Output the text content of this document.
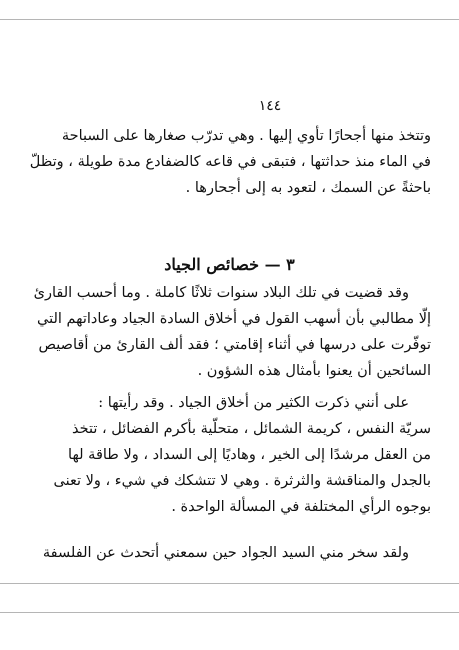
١٤٤
وتتخذ منها أجحارًا تأوي إليها . وهي تدرّب صغارها على السباحة
في الماء منذ حداثتها ، فتبقى في قاعه كالضفادع مدة طويلة ، وتظلّ
باحثةً عن السمك ، لتعود به إلى أجحارها .
٣ — خصائص الجياد
وقد قضيت في تلك البلاد سنوات ثلاثًا كاملة . وما أحسب القارئ
إلّا مطالبي بأن أسهب القول في أخلاق السادة الجياد وعاداتهم التي
توفّرت على درسها في أثناء إقامتي ؛ فقد ألف القارئ من أقاصيص
السائحين أن يعنوا بأمثال هذه الشؤون .
على أنني ذكرت الكثير من أخلاق الجياد . وقد رأيتها :
سريّة النفس ، كريمة الشمائل ، متحلّية بأكرم الفضائل ، تتخذ
من العقل مرشدًا إلى الخير ، وهاديًا إلى السداد ، ولا طاقة لها
بالجدل والمناقشة والثرثرة . وهي لا تتشكك في شيء ، ولا تعنى
بوجوه الرأي المختلفة في المسألة الواحدة .
ولقد سخر مني السيد الجواد حين سمعني أتحدث عن الفلسفة
